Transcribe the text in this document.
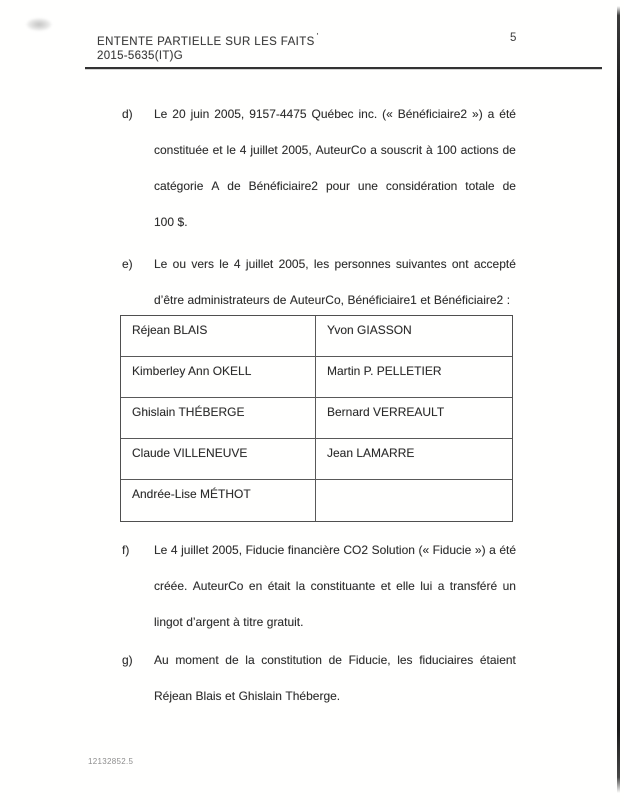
ENTENTE PARTIELLE SUR LES FAITS '	5
2015-5635(IT)G
d) Le 20 juin 2005, 9157-4475 Québec inc. (« Bénéficiaire2 ») a été
constituée et le 4 juillet 2005, AuteurCo a souscrit à 100 actions de
catégorie A de Bénéficiaire2 pour une considération totale de
100 $.
e) Le ou vers le 4 juillet 2005, les personnes suivantes ont accepté
d’être administrateurs de AuteurCo, Bénéficiaire1 et Bénéficiaire2 :
Réjean BLAIS	Yvon GIASSON
Kimberley Ann OKELL	Martin P. PELLETIER
Ghislain THÉBERGE	Bernard VERREAULT
Claude VILLENEUVE	Jean LAMARRE
Andrée-Lise MÉTHOT
f) Le 4 juillet 2005, Fiducie financière CO2 Solution (« Fiducie ») a été
créée. AuteurCo en était la constituante et elle lui a transféré un
lingot d’argent à titre gratuit.
g) Au moment de la constitution de Fiducie, les fiduciaires étaient
Réjean Blais et Ghislain Théberge.
12132852.5
